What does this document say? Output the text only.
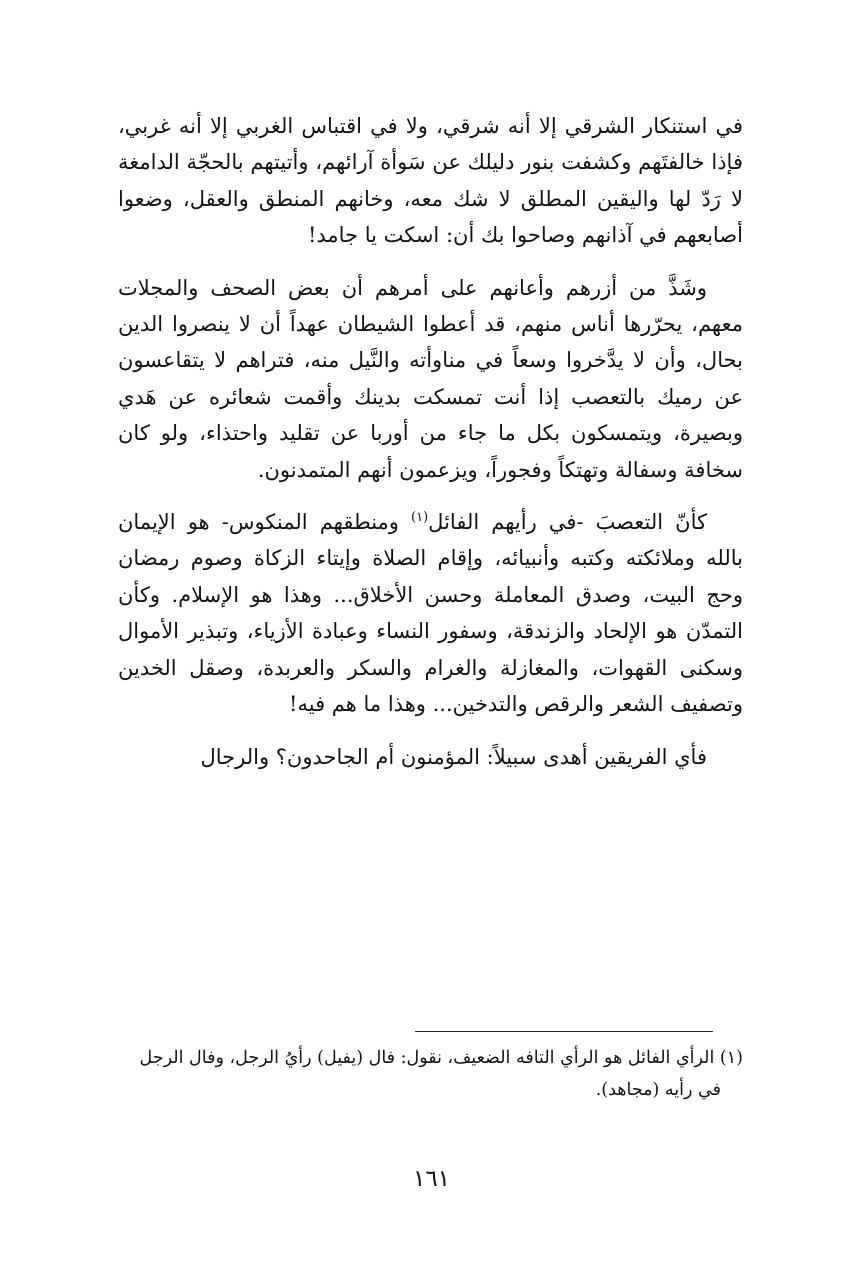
في استنكار الشرقي إلا أنه شرقي، ولا في اقتباس الغربي إلا أنه غربي، فإذا خالفتَهم وكشفت بنور دليلك عن سَوأة آرائهم، وأتيتهم بالحجّة الدامغة لا رَدّ لها واليقين المطلق لا شك معه، وخانهم المنطق والعقل، وضعوا أصابعهم في آذانهم وصاحوا بك أن: اسكت يا جامد!

وشَذَّ من أزرهم وأعانهم على أمرهم أن بعض الصحف والمجلات معهم، يحرّرها أناس منهم، قد أعطوا الشيطان عهداً أن لا ينصروا الدين بحال، وأن لا يدَّخروا وسعاً في مناوأته والنَّيل منه، فتراهم لا يتقاعسون عن رميك بالتعصب إذا أنت تمسكت بدينك وأقمت شعائره عن هَدي وبصيرة، ويتمسكون بكل ما جاء من أوربا عن تقليد واحتذاء، ولو كان سخافة وسفالة وتهتكاً وفجوراً، ويزعمون أنهم المتمدنون.

كأنّ التعصبَ -في رأيهم الفائل$^{(١)}$ ومنطقهم المنكوس- هو الإيمان بالله وملائكته وكتبه وأنبيائه، وإقام الصلاة وإيتاء الزكاة وصوم رمضان وحج البيت، وصدق المعاملة وحسن الأخلاق... وهذا هو الإسلام. وكأن التمدّن هو الإلحاد والزندقة، وسفور النساء وعبادة الأزياء، وتبذير الأموال وسكنى القهوات، والمغازلة والغرام والسكر والعربدة، وصقل الخدين وتصفيف الشعر والرقص والتدخين... وهذا ما هم فيه!

فأي الفريقين أهدى سبيلاً: المؤمنون أم الجاحدون؟ والرجال

(١) الرأي الفائل هو الرأي التافه الضعيف، نقول: فال (يفيل) رأيُ الرجل، وفال الرجل في رأيه (مجاهد).

١٦١
